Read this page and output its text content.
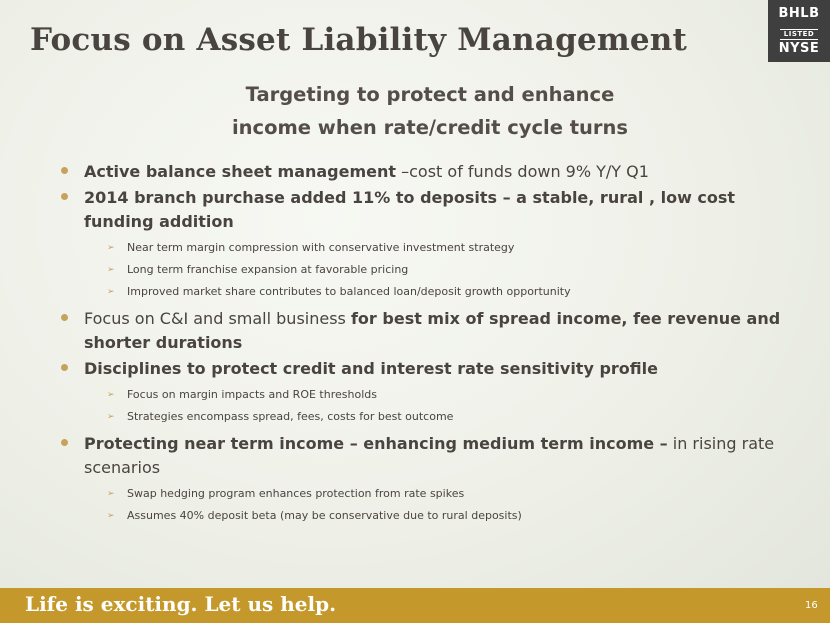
Focus on Asset Liability Management
BHLB
LISTED
NYSE
Targeting to protect and enhance
income when rate/credit cycle turns
Active balance sheet management –cost of funds down 9% Y/Y Q1
2014 branch purchase added 11% to deposits – a stable, rural , low cost funding addition
➢ Near term margin compression with conservative investment strategy
➢ Long term franchise expansion at favorable pricing
➢ Improved market share contributes to balanced loan/deposit growth opportunity
Focus on C&I and small business for best mix of spread income, fee revenue and shorter durations
Disciplines to protect credit and interest rate sensitivity profile
➢ Focus on margin impacts and ROE thresholds
➢ Strategies encompass spread, fees, costs for best outcome
Protecting near term income – enhancing medium term income – in rising rate scenarios
➢ Swap hedging program enhances protection from rate spikes
➢ Assumes 40% deposit beta (may be conservative due to rural deposits)
Life is exciting. Let us help.	16
